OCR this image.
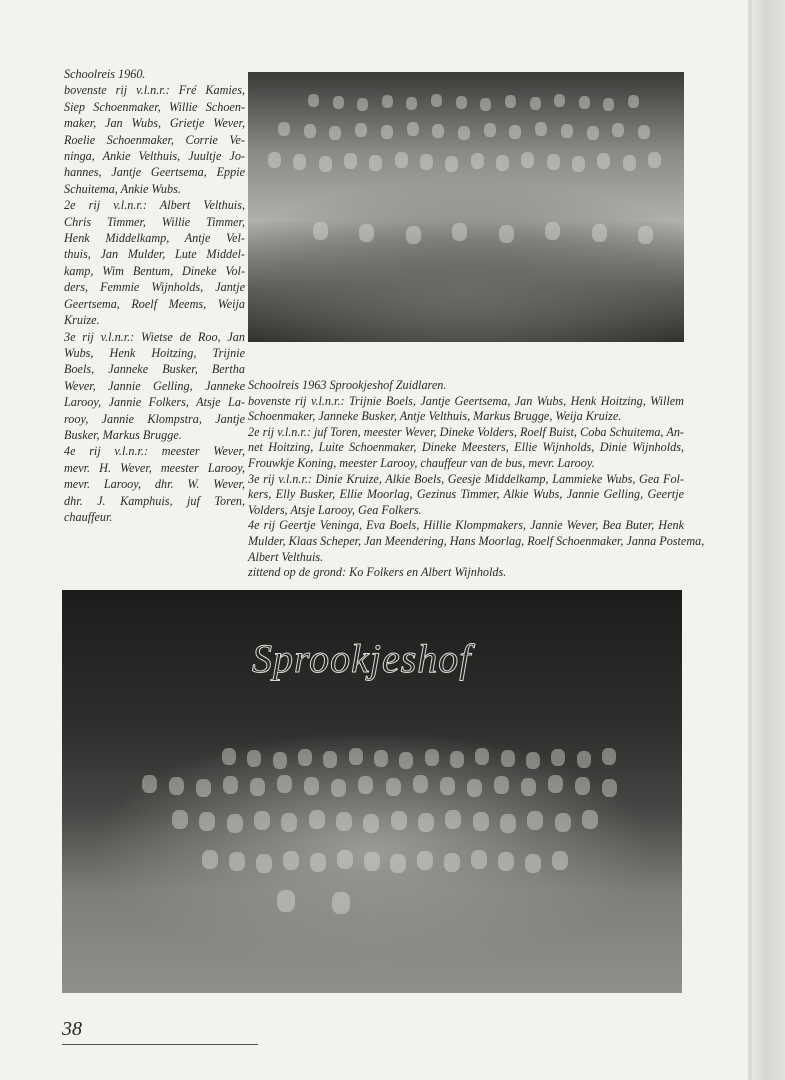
Schoolreis 1960.
bovenste rij v.l.n.r.: Fré Kamies,
Siep Schoenmaker, Willie Schoen-
maker, Jan Wubs, Grietje Wever,
Roelie Schoenmaker, Corrie Ve-
ninga, Ankie Velthuis, Juultje Jo-
hannes, Jantje Geertsema, Eppie
Schuitema, Ankie Wubs.
2e rij v.l.n.r.: Albert Velthuis,
Chris Timmer, Willie Timmer,
Henk Middelkamp, Antje Vel-
thuis, Jan Mulder, Lute Middel-
kamp, Wim Bentum, Dineke Vol-
ders, Femmie Wijnholds, Jantje
Geertsema, Roelf Meems, Weija
Kruize.
3e rij v.l.n.r.: Wietse de Roo, Jan
Wubs, Henk Hoitzing, Trijnie
Boels, Janneke Busker, Bertha
Wever, Jannie Gelling, Janneke
Larooy, Jannie Folkers, Atsje La-
rooy, Jannie Klompstra, Jantje
Busker, Markus Brugge.
4e rij v.l.n.r.: meester Wever,
mevr. H. Wever, meester Larooy,
mevr. Larooy, dhr. W. Wever,
dhr. J. Kamphuis, juf Toren,
chauffeur.
Schoolreis 1963 Sprookjeshof Zuidlaren.
bovenste rij v.l.n.r.: Trijnie Boels, Jantje Geertsema, Jan Wubs, Henk Hoitzing, Willem
Schoenmaker, Janneke Busker, Antje Velthuis, Markus Brugge, Weija Kruize.
2e rij v.l.n.r.: juf Toren, meester Wever, Dineke Volders, Roelf Buist, Coba Schuitema, An-
net Hoitzing, Luite Schoenmaker, Dineke Meesters, Ellie Wijnholds, Dinie Wijnholds,
Frouwkje Koning, meester Larooy, chauffeur van de bus, mevr. Larooy.
3e rij v.l.n.r.: Dinie Kruize, Alkie Boels, Geesje Middelkamp, Lammieke Wubs, Gea Fol-
kers, Elly Busker, Ellie Moorlag, Gezinus Timmer, Alkie Wubs, Jannie Gelling, Geertje
Volders, Atsje Larooy, Gea Folkers.
4e rij Geertje Veninga, Eva Boels, Hillie Klompmakers, Jannie Wever, Bea Buter, Henk
Mulder, Klaas Scheper, Jan Meendering, Hans Moorlag, Roelf Schoenmaker, Janna Postema,
Albert Velthuis.
zittend op de grond: Ko Folkers en Albert Wijnholds.
Sprookjeshof
38
